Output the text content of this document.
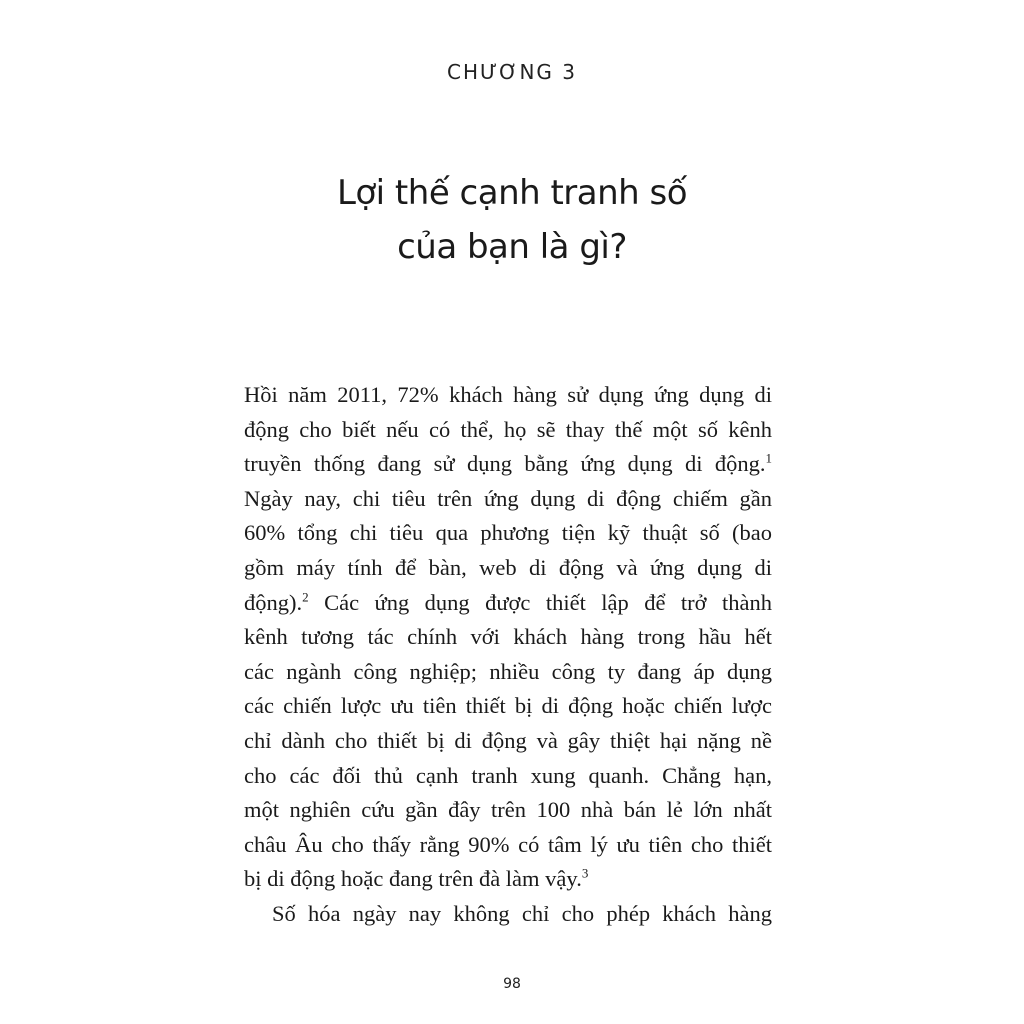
CHƯƠNG 3
Lợi thế cạnh tranh số
của bạn là gì?
Hồi năm 2011, 72% khách hàng sử dụng ứng dụng di
động cho biết nếu có thể, họ sẽ thay thế một số kênh
truyền thống đang sử dụng bằng ứng dụng di động.$^1$
Ngày nay, chi tiêu trên ứng dụng di động chiếm gần
60% tổng chi tiêu qua phương tiện kỹ thuật số (bao
gồm máy tính để bàn, web di động và ứng dụng di
động).$^2$ Các ứng dụng được thiết lập để trở thành
kênh tương tác chính với khách hàng trong hầu hết
các ngành công nghiệp; nhiều công ty đang áp dụng
các chiến lược ưu tiên thiết bị di động hoặc chiến lược
chỉ dành cho thiết bị di động và gây thiệt hại nặng nề
cho các đối thủ cạnh tranh xung quanh. Chẳng hạn,
một nghiên cứu gần đây trên 100 nhà bán lẻ lớn nhất
châu Âu cho thấy rằng 90% có tâm lý ưu tiên cho thiết
bị di động hoặc đang trên đà làm vậy.$^3$
Số hóa ngày nay không chỉ cho phép khách hàng
98
